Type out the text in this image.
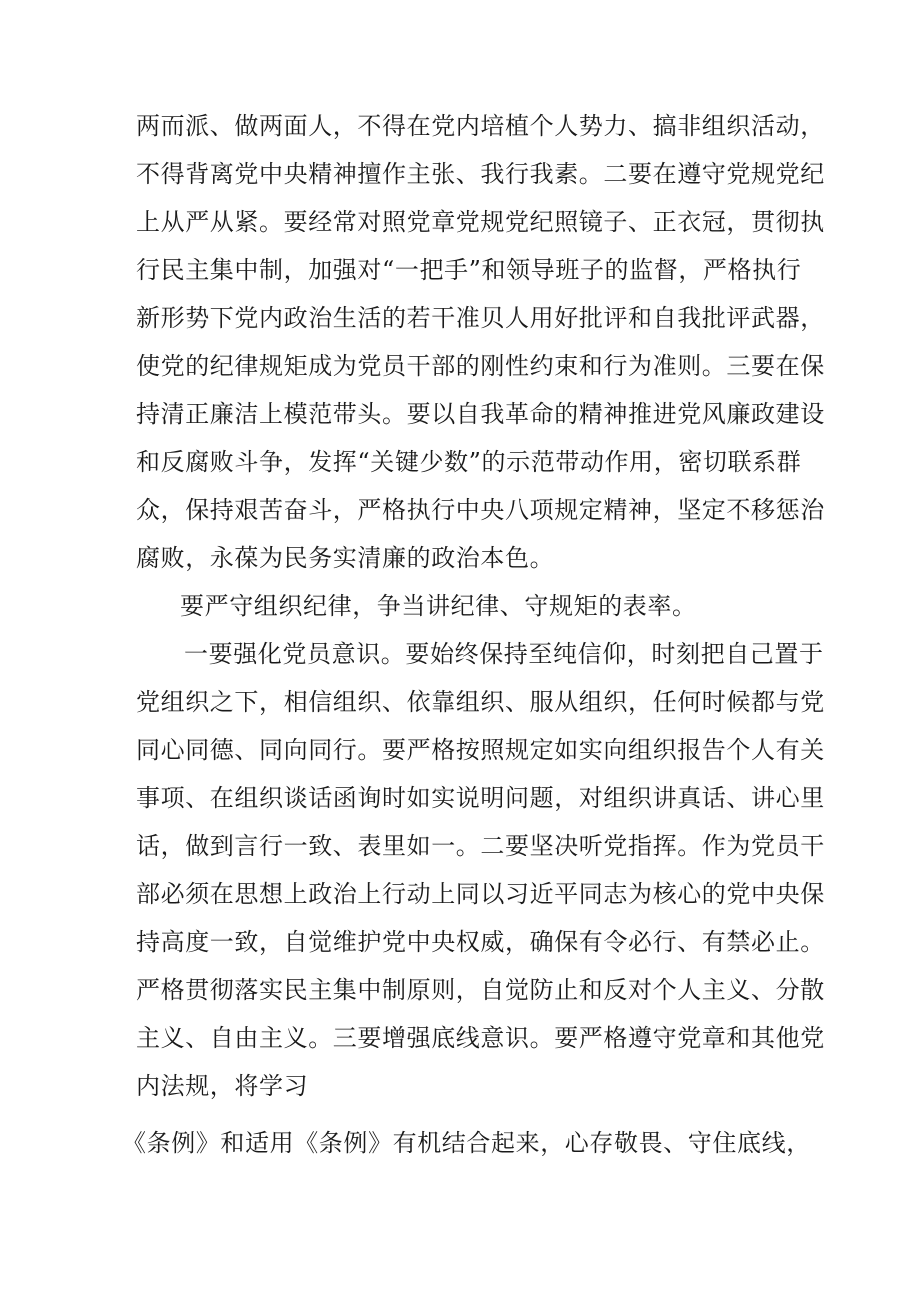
两而派、做两面人，不得在党内培植个人势力、搞非组织活动，
不得背离党中央精神擅作主张、我行我素。二要在遵守党规党纪
上从严从紧。要经常对照党章党规党纪照镜子、正衣冠，贯彻执
行民主集中制，加强对“一把手”和领导班子的监督，严格执行
新形势下党内政治生活的若干准贝人用好批评和自我批评武器，
使党的纪律规矩成为党员干部的刚性约束和行为准则。三要在保
持清正廉洁上模范带头。要以自我革命的精神推进党风廉政建设
和反腐败斗争，发挥“关键少数”的示范带动作用，密切联系群
众，保持艰苦奋斗，严格执行中央八项规定精神，坚定不移惩治
腐败，永葆为民务实清廉的政治本色。
要严守组织纪律，争当讲纪律、守规矩的表率。
一要强化党员意识。要始终保持至纯信仰，时刻把自己置于
党组织之下，相信组织、依靠组织、服从组织，任何时候都与党
同心同德、同向同行。要严格按照规定如实向组织报告个人有关
事项、在组织谈话函询时如实说明问题，对组织讲真话、讲心里
话，做到言行一致、表里如一。二要坚决听党指挥。作为党员干
部必须在思想上政治上行动上同以习近平同志为核心的党中央保
持高度一致，自觉维护党中央权威，确保有令必行、有禁必止。
严格贯彻落实民主集中制原则，自觉防止和反对个人主义、分散
主义、自由主义。三要增强底线意识。要严格遵守党章和其他党
内法规，将学习
《条例》和适用《条例》有机结合起来，心存敬畏、守住底线，
